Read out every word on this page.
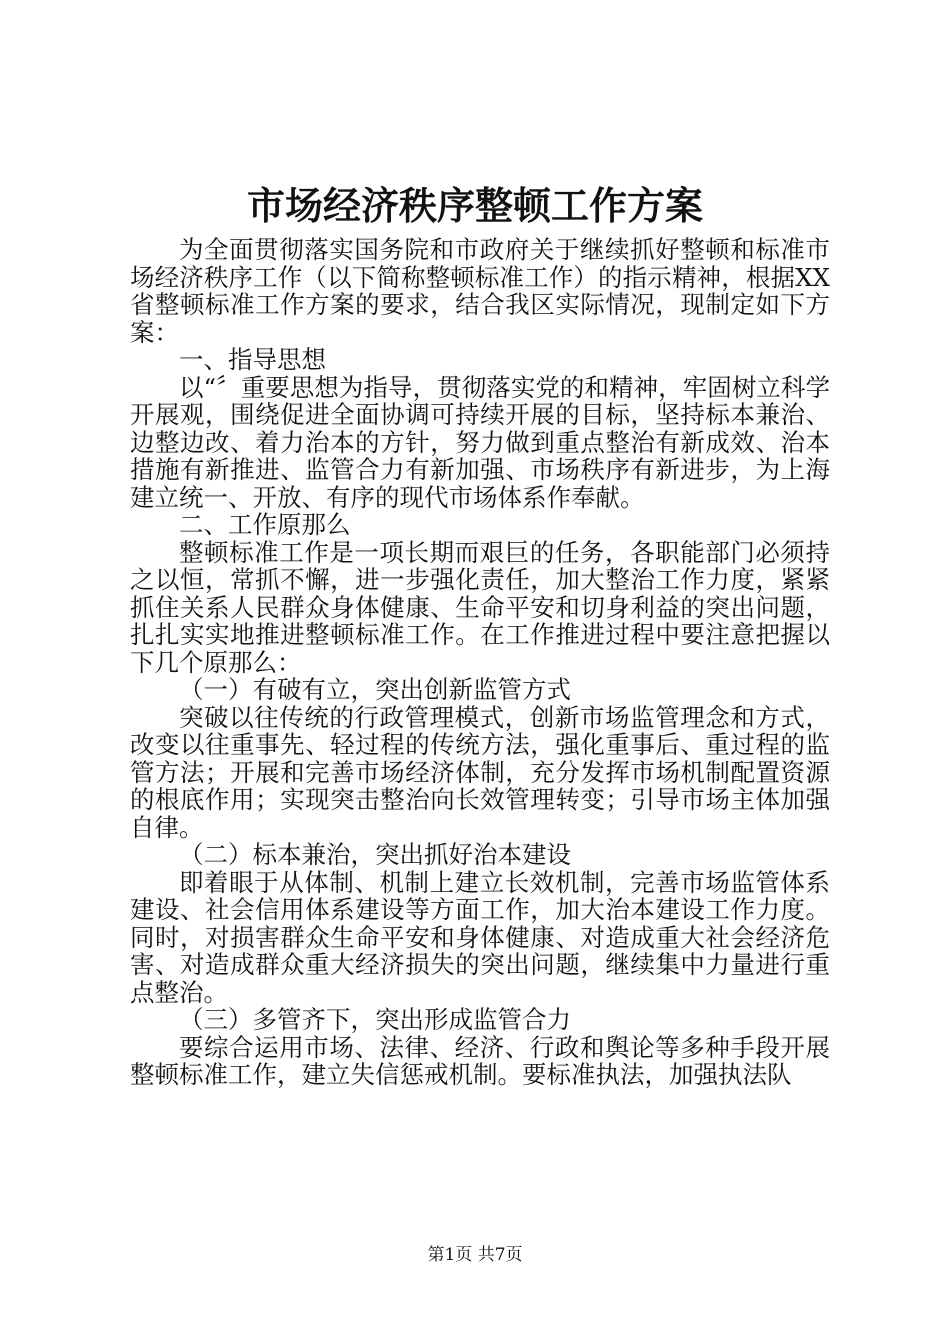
市场经济秩序整顿工作方案

为全面贯彻落实国务院和市政府关于继续抓好整顿和标准市场经济秩序工作（以下简称整顿标准工作）的指示精神，根据XX省整顿标准工作方案的要求，结合我区实际情况，现制定如下方案：

一、指导思想

以“〞重要思想为指导，贯彻落实党的和精神，牢固树立科学开展观，围绕促进全面协调可持续开展的目标，坚持标本兼治、边整边改、着力治本的方针，努力做到重点整治有新成效、治本措施有新推进、监管合力有新加强、市场秩序有新进步，为上海建立统一、开放、有序的现代市场体系作奉献。

二、工作原那么

整顿标准工作是一项长期而艰巨的任务，各职能部门必须持之以恒，常抓不懈，进一步强化责任，加大整治工作力度，紧紧抓住关系人民群众身体健康、生命平安和切身利益的突出问题，扎扎实实地推进整顿标准工作。在工作推进过程中要注意把握以下几个原那么：

（一）有破有立，突出创新监管方式

突破以往传统的行政管理模式，创新市场监管理念和方式，改变以往重事先、轻过程的传统方法，强化重事后、重过程的监管方法；开展和完善市场经济体制，充分发挥市场机制配置资源的根底作用；实现突击整治向长效管理转变；引导市场主体加强自律。

（二）标本兼治，突出抓好治本建设

即着眼于从体制、机制上建立长效机制，完善市场监管体系建设、社会信用体系建设等方面工作，加大治本建设工作力度。同时，对损害群众生命平安和身体健康、对造成重大社会经济危害、对造成群众重大经济损失的突出问题，继续集中力量进行重点整治。

（三）多管齐下，突出形成监管合力

要综合运用市场、法律、经济、行政和舆论等多种手段开展整顿标准工作，建立失信惩戒机制。要标准执法，加强执法队

第1页 共7页
